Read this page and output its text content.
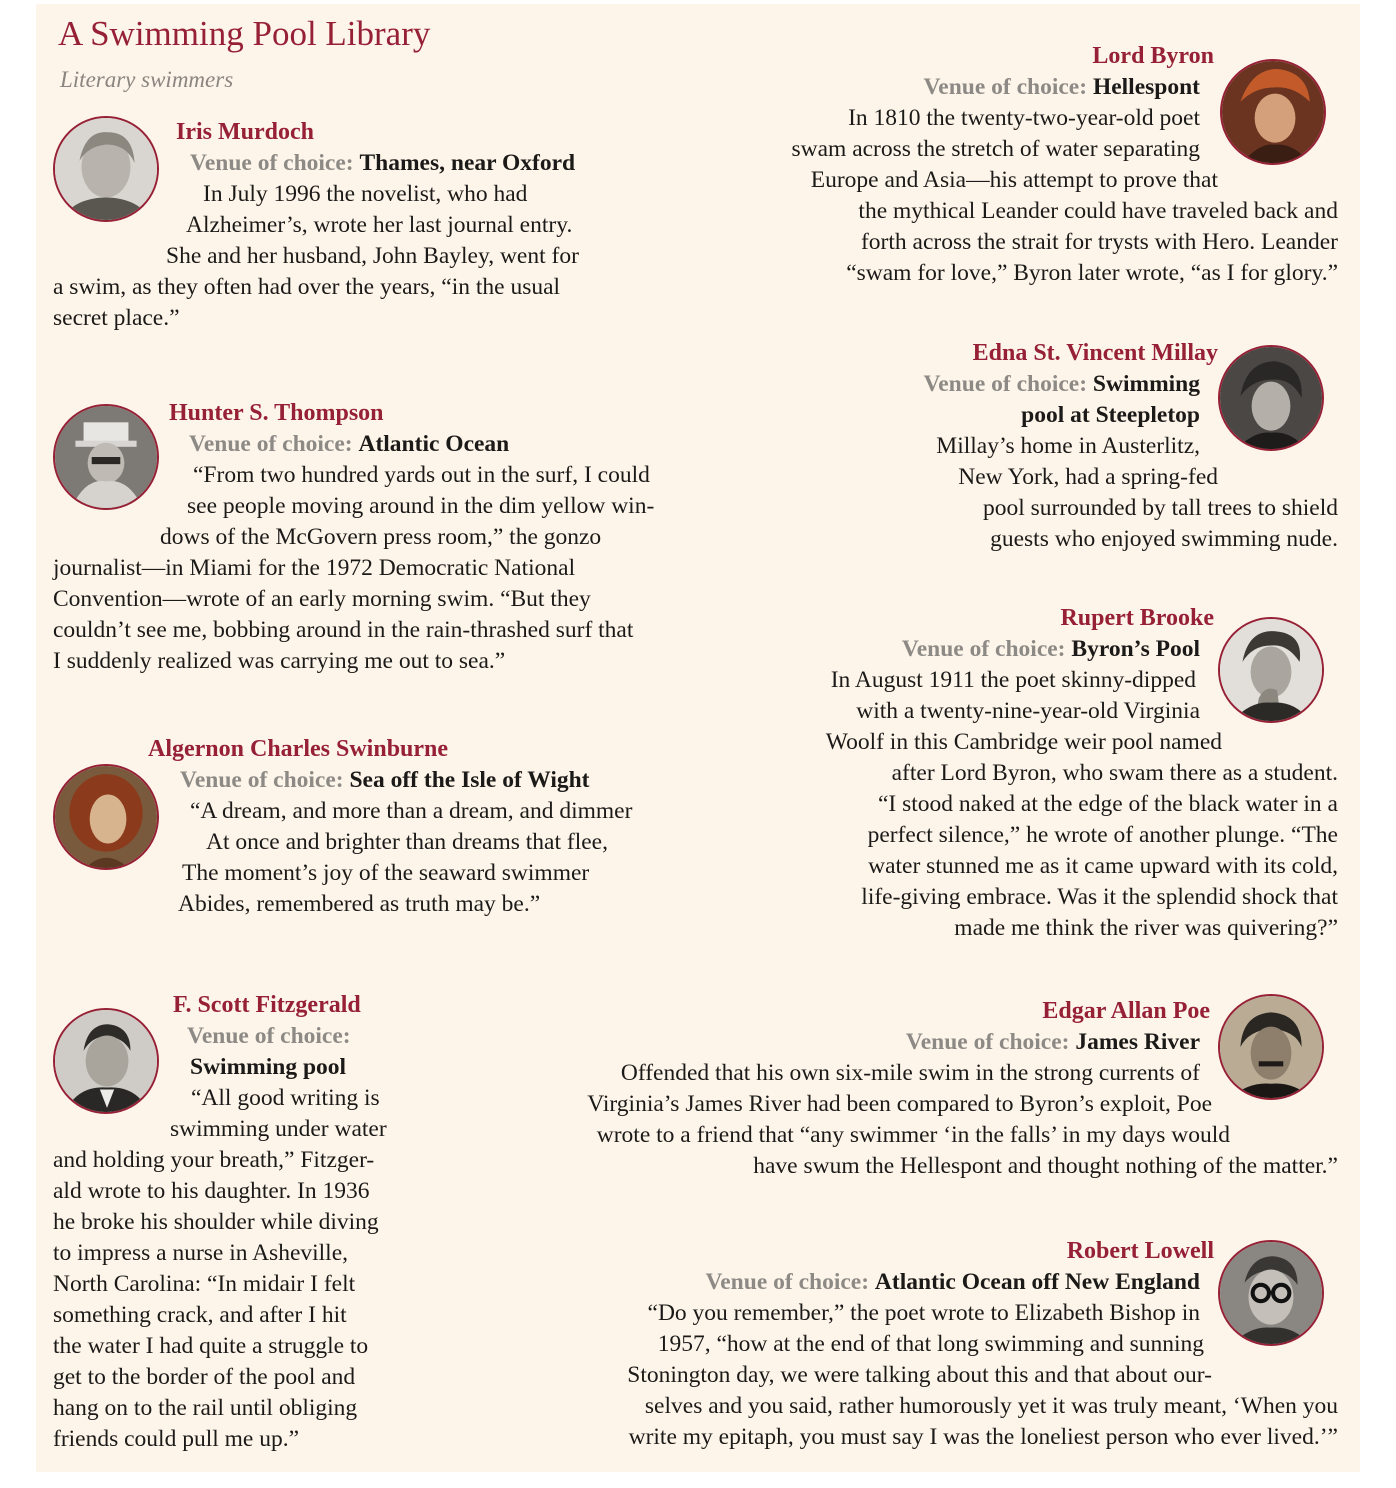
A Swimming Pool Library
Literary swimmers
Iris Murdoch
Venue of choice: Thames, near Oxford
In July 1996 the novelist, who had
Alzheimer’s, wrote her last journal entry.
She and her husband, John Bayley, went for
a swim, as they often had over the years, “in the usual
secret place.”
Hunter S. Thompson
Venue of choice: Atlantic Ocean
“From two hundred yards out in the surf, I could
see people moving around in the dim yellow win-
dows of the McGovern press room,” the gonzo
journalist—in Miami for the 1972 Democratic National
Convention—wrote of an early morning swim. “But they
couldn’t see me, bobbing around in the rain-thrashed surf that
I suddenly realized was carrying me out to sea.”
Algernon Charles Swinburne
Venue of choice: Sea off the Isle of Wight
“A dream, and more than a dream, and dimmer
At once and brighter than dreams that flee,
The moment’s joy of the seaward swimmer
Abides, remembered as truth may be.”
F. Scott Fitzgerald
Venue of choice:
Swimming pool
“All good writing is
swimming under water
and holding your breath,” Fitzger-
ald wrote to his daughter. In 1936
he broke his shoulder while diving
to impress a nurse in Asheville,
North Carolina: “In midair I felt
something crack, and after I hit
the water I had quite a struggle to
get to the border of the pool and
hang on to the rail until obliging
friends could pull me up.”
Lord Byron
Venue of choice: Hellespont
In 1810 the twenty-two-year-old poet
swam across the stretch of water separating
Europe and Asia—his attempt to prove that
the mythical Leander could have traveled back and
forth across the strait for trysts with Hero. Leander
“swam for love,” Byron later wrote, “as I for glory.”
Edna St. Vincent Millay
Venue of choice: Swimming
pool at Steepletop
Millay’s home in Austerlitz,
New York, had a spring-fed
pool surrounded by tall trees to shield
guests who enjoyed swimming nude.
Rupert Brooke
Venue of choice: Byron’s Pool
In August 1911 the poet skinny-dipped
with a twenty-nine-year-old Virginia
Woolf in this Cambridge weir pool named
after Lord Byron, who swam there as a student.
“I stood naked at the edge of the black water in a
perfect silence,” he wrote of another plunge. “The
water stunned me as it came upward with its cold,
life-giving embrace. Was it the splendid shock that
made me think the river was quivering?”
Edgar Allan Poe
Venue of choice: James River
Offended that his own six-mile swim in the strong currents of
Virginia’s James River had been compared to Byron’s exploit, Poe
wrote to a friend that “any swimmer ‘in the falls’ in my days would
have swum the Hellespont and thought nothing of the matter.”
Robert Lowell
Venue of choice: Atlantic Ocean off New England
“Do you remember,” the poet wrote to Elizabeth Bishop in
1957, “how at the end of that long swimming and sunning
Stonington day, we were talking about this and that about our-
selves and you said, rather humorously yet it was truly meant, ‘When you
write my epitaph, you must say I was the loneliest person who ever lived.’”
